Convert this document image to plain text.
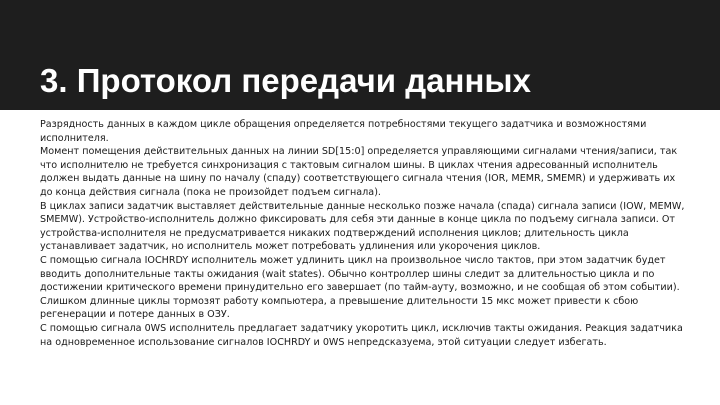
3. Протокол передачи данных

Разрядность данных в каждом цикле обращения определяется потребностями текущего задатчика и возможностями исполнителя.

Момент помещения действительных данных на линии SD[15:0] определяется управляющими сигналами чтения/записи, так что исполнителю не требуется синхронизация с тактовым сигналом шины. В циклах чтения адресованный исполнитель должен выдать данные на шину по началу (спаду) соответствующего сигнала чтения (IOR, MEMR, SMEMR) и удерживать их до конца действия сигнала (пока не произойдет подъем сигнала).

В циклах записи задатчик выставляет действительные данные несколько позже начала (спада) сигнала записи (IOW, MEMW, SMEMW). Устройство-исполнитель должно фиксировать для себя эти данные в конце цикла по подъему сигнала записи. От устройства-исполнителя не предусматривается никаких подтверждений исполнения циклов; длительность цикла устанавливает задатчик, но исполнитель может потребовать удлинения или укорочения циклов.

С помощью сигнала IOCHRDY исполнитель может удлинить цикл на произвольное число тактов, при этом задатчик будет вводить дополнительные такты ожидания (wait states). Обычно контроллер шины следит за длительностью цикла и по достижении критического времени принудительно его завершает (по тайм-ауту, возможно, и не сообщая об этом событии). Слишком длинные циклы тормозят работу компьютера, а превышение длительности 15 мкс может привести к сбою регенерации и потере данных в ОЗУ.

С помощью сигнала 0WS исполнитель предлагает задатчику укоротить цикл, исключив такты ожидания. Реакция задатчика на одновременное использование сигналов IOCHRDY и 0WS непредсказуема, этой ситуации следует избегать.
